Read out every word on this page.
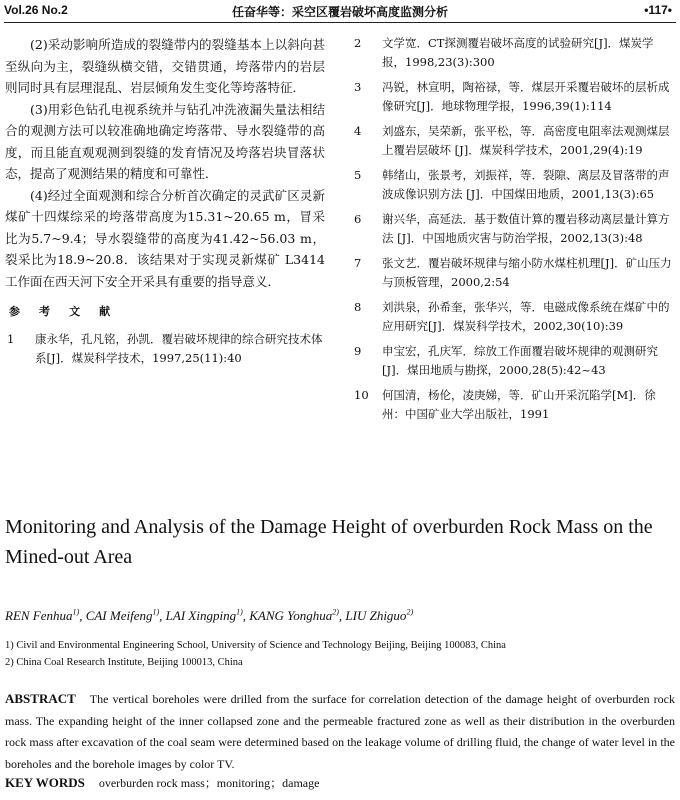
Vol.26 No.2	任奋华等：采空区覆岩破坏高度监测分析	•117•

(2)采动影响所造成的裂缝带内的裂缝基本上以斜向甚至纵向为主，裂缝纵横交错，交错贯通，垮落带内的岩层则同时具有层理混乱、岩层倾角发生变化等垮落特征．

(3)用彩色钻孔电视系统并与钻孔冲洗液漏失量法相结合的观测方法可以较准确地确定垮落带、导水裂缝带的高度，而且能直观观测到裂缝的发育情况及垮落岩块冒落状态，提高了观测结果的精度和可靠性．

(4)经过全面观测和综合分析首次确定的灵武矿区灵新煤矿十四煤综采的垮落带高度为15.31~20.65 m，冒采比为5.7~9.4；导水裂缝带的高度为41.42~56.03 m，裂采比为18.9~20.8．该结果对于实现灵新煤矿 L3414 工作面在西天河下安全开采具有重要的指导意义．

参 考 文 献
1 康永华，孔凡铭，孙凯．覆岩破坏规律的综合研究技术体系[J]．煤炭科学技术，1997,25(11):40
2 文学宽．CT探测覆岩破坏高度的试验研究[J]．煤炭学报，1998,23(3):300
3 冯锐，林宣明，陶裕禄，等．煤层开采覆岩破坏的层析成像研究[J]．地球物理学报，1996,39(1):114
4 刘盛东，吴荣新，张平松，等．高密度电阻率法观测煤层上覆岩层破坏 [J]．煤炭科学技术，2001,29(4):19
5 韩绪山，张景考，刘振祥，等．裂隙、离层及冒落带的声波成像识别方法 [J]．中国煤田地质，2001,13(3):65
6 谢兴华，高延法．基于数值计算的覆岩移动离层量计算方法 [J]．中国地质灾害与防治学报，2002,13(3):48
7 张文艺．覆岩破坏规律与缩小防水煤柱机理[J]．矿山压力与顶板管理，2000,2:54
8 刘洪泉，孙希奎，张华兴，等．电磁成像系统在煤矿中的应用研究[J]．煤炭科学技术，2002,30(10):39
9 申宝宏，孔庆军．综放工作面覆岩破坏规律的观测研究[J]．煤田地质与勘探，2000,28(5):42~43
10 何国清，杨伦，凌庚娣，等．矿山开采沉陷学[M]．徐州：中国矿业大学出版社，1991
Monitoring and Analysis of the Damage Height of overburden Rock Mass on the Mined-out Area
REN Fenhua$^{1)}$, CAI Meifeng$^{1)}$, LAI Xingping$^{1)}$, KANG Yonghua$^{2)}$, LIU Zhiguo$^{2)}$
1) Civil and Environmental Engineering School, University of Science and Technology Beijing, Beijing 100083, China
2) China Coal Research Institute, Beijing 100013, China
ABSTRACT The vertical boreholes were drilled from the surface for correlation detection of the damage height of overburden rock mass. The expanding height of the inner collapsed zone and the permeable fractured zone as well as their distribution in the overburden rock mass after excavation of the coal seam were determined based on the leakage volume of drilling fluid, the change of water level in the boreholes and the borehole images by color TV.
KEY WORDS overburden rock mass；monitoring；damage
